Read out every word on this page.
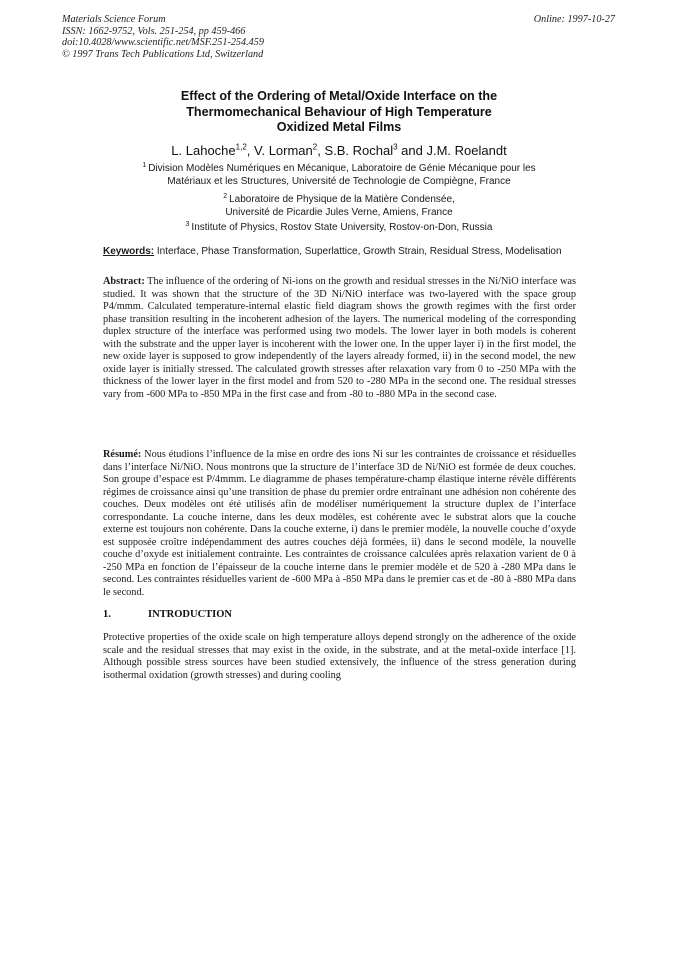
Materials Science Forum
ISSN: 1662-9752, Vols. 251-254, pp 459-466
doi:10.4028/www.scientific.net/MSF.251-254.459
© 1997 Trans Tech Publications Ltd, Switzerland
Online: 1997-10-27
Effect of the Ordering of Metal/Oxide Interface on the
Thermomechanical Behaviour of High Temperature
Oxidized Metal Films
L. Lahoche$^{1,2}$, V. Lorman$^2$, S.B. Rochal$^3$ and J.M. Roelandt
$^1$ Division Modèles Numériques en Mécanique, Laboratoire de Génie Mécanique pour les
Matériaux et les Structures, Université de Technologie de Compiègne, France
$^2$ Laboratoire de Physique de la Matière Condensée,
Université de Picardie Jules Verne, Amiens, France
$^3$ Institute of Physics, Rostov State University, Rostov-on-Don, Russia
Keywords: Interface, Phase Transformation, Superlattice, Growth Strain, Residual Stress, Modelisation
Abstract: The influence of the ordering of Ni-ions on the growth and residual stresses in the Ni/NiO interface was studied. It was shown that the structure of the 3D Ni/NiO interface was two-layered with the space group P4/mmm. Calculated temperature-internal elastic field diagram shows the growth regimes with the first order phase transition resulting in the incoherent adhesion of the layers. The numerical modeling of the corresponding duplex structure of the interface was performed using two models. The lower layer in both models is coherent with the substrate and the upper layer is incoherent with the lower one. In the upper layer i) in the first model, the new oxide layer is supposed to grow independently of the layers already formed, ii) in the second model, the new oxide layer is initially stressed. The calculated growth stresses after relaxation vary from 0 to -250 MPa with the thickness of the lower layer in the first model and from 520 to -280 MPa in the second one. The residual stresses vary from -600 MPa to -850 MPa in the first case and from -80 to -880 MPa in the second case.
Résumé: Nous étudions l’influence de la mise en ordre des ions Ni sur les contraintes de croissance et résiduelles dans l’interface Ni/NiO. Nous montrons que la structure de l’interface 3D de Ni/NiO est formée de deux couches. Son groupe d’espace est P/4mmm. Le diagramme de phases température-champ élastique interne révèle différents régimes de croissance ainsi qu’une transition de phase du premier ordre entraînant une adhésion non cohérente des couches. Deux modèles ont été utilisés afin de modéliser numériquement la structure duplex de l’interface correspondante. La couche interne, dans les deux modèles, est cohérente avec le substrat alors que la couche externe est toujours non cohérente. Dans la couche externe, i) dans le premier modèle, la nouvelle couche d’oxyde est supposée croître indépendamment des autres couches déjà formées, ii) dans le second modèle, la nouvelle couche d’oxyde est initialement contrainte. Les contraintes de croissance calculées après relaxation varient de 0 à -250 MPa en fonction de l’épaisseur de la couche interne dans le premier modèle et de 520 à -280 MPa dans le second. Les contraintes résiduelles varient de -600 MPa à -850 MPa dans le premier cas et de -80 à -880 MPa dans le second.
1.	INTRODUCTION
Protective properties of the oxide scale on high temperature alloys depend strongly on the adherence of the oxide scale and the residual stresses that may exist in the oxide, in the substrate, and at the metal-oxide interface [1]. Although possible stress sources have been studied extensively, the influence of the stress generation during isothermal oxidation (growth stresses) and during cooling
